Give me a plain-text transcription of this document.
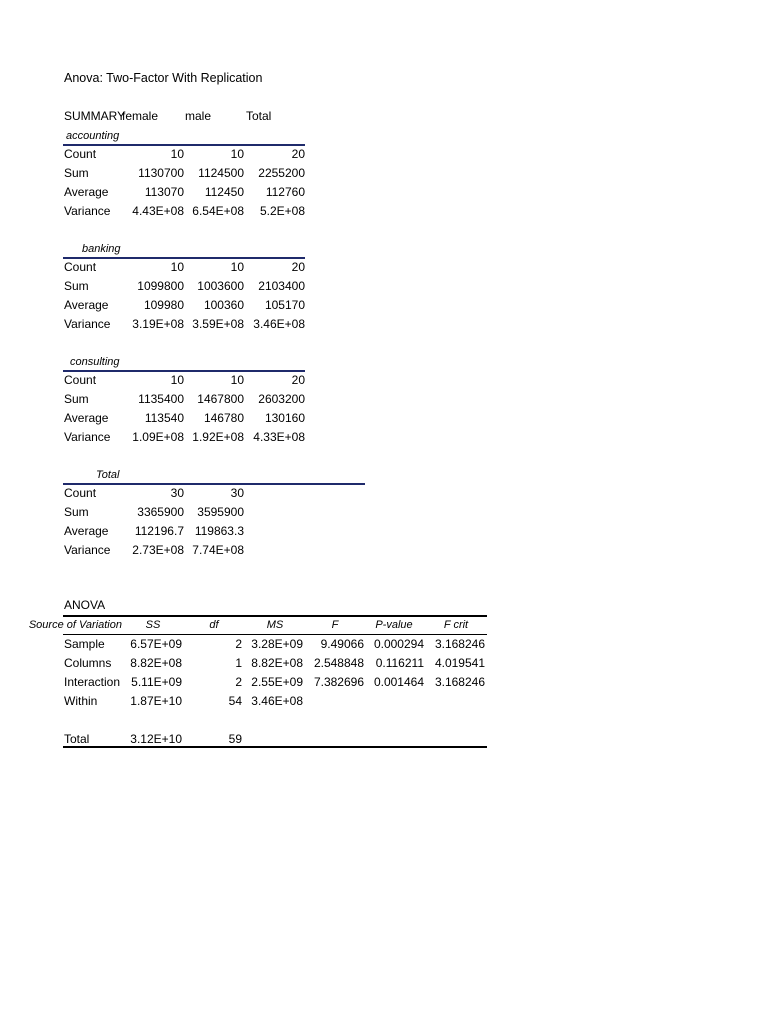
Anova: Two-Factor With Replication
SUMMARY
female male	Total
accounting
Count	10	10	20
Sum	1130700	1124500	2255200
Average	113070	112450	112760
Variance	4.43E+08 6.54E+08	5.2E+08
banking
Count	10	10	20
Sum	1099800	1003600	2103400
Average	109980	100360	105170
Variance	3.19E+08 3.59E+08 3.46E+08
consulting
Count	10	10	20
Sum	1135400	1467800	2603200
Average	113540	146780	130160
Variance	1.09E+08 1.92E+08 4.33E+08
Total
Count	30	30
Sum	3365900	3595900
Average	112196.7 119863.3
Variance	2.73E+08 7.74E+08
ANOVA
Source of Variation	SS	df	MS	F	P-value	F crit
Sample	6.57E+09	2 3.28E+09	9.49066 0.000294 3.168246
Columns	8.82E+08	1 8.82E+08 2.548848 0.116211 4.019541
Interaction 5.11E+09	2 2.55E+09 7.382696 0.001464 3.168246
Within	1.87E+10	54 3.46E+08
Total	3.12E+10	59
